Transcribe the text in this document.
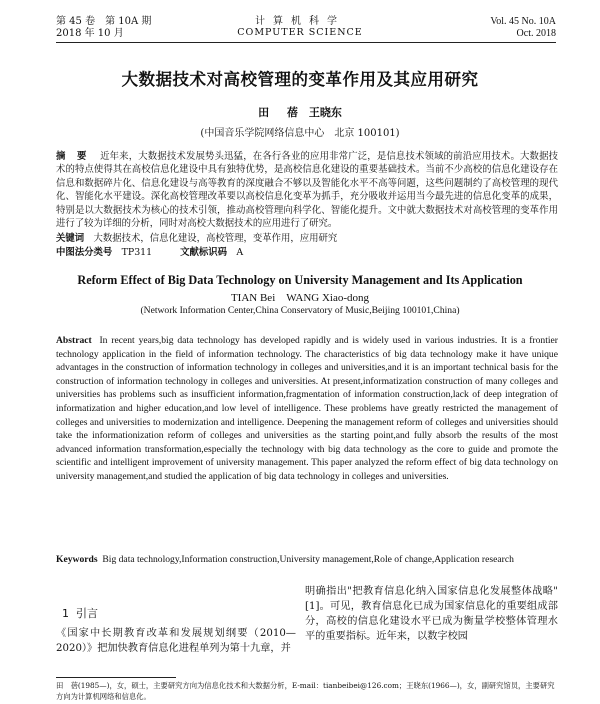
第 45 卷　第 10A 期
2018 年 10 月
计算机科学
COMPUTER SCIENCE
Vol. 45 No. 10A
Oct. 2018
大数据技术对高校管理的变革作用及其应用研究
田 蓓　王晓东
(中国音乐学院网络信息中心　北京 100101)
摘 要　 近年来，大数据技术发展势头迅猛，在各行各业的应用非常广泛，是信息技术领域的前沿应用技术。大数据技术的特点使得其在高校信息化建设中具有独特优势，是高校信息化建设的重要基础技术。当前不少高校的信息化建设存在信息和数据碎片化、信息化建设与高等教育的深度融合不够以及智能化水平不高等问题，这些问题制约了高校管理的现代化、智能化水平建设。深化高校管理改革要以高校信息化变革为抓手，充分吸收并运用当今最先进的信息化变革的成果，特别是以大数据技术为核心的技术引领，推动高校管理向科学化、智能化提升。文中就大数据技术对高校管理的变革作用进行了较为详细的分析，同时对高校大数据技术的应用进行了研究。
关键词　 大数据技术，信息化建设，高校管理，变革作用，应用研究
中图法分类号　 TP311	文献标识码　 A
Reform Effect of Big Data Technology on University Management and Its Application
TIAN Bei　WANG Xiao-dong
(Network Information Center,China Conservatory of Music,Beijing 100101,China)
Abstract In recent years,big data technology has developed rapidly and is widely used in various industries. It is a frontier technology application in the field of information technology. The characteristics of big data technology make it have unique advantages in the construction of information technology in colleges and universities,and it is an important technical basis for the construction of information technology in colleges and universities. At present,informatization construction of many colleges and universities has problems such as insufficient information,fragmentation of information construction,lack of deep integration of informatization and higher education,and low level of intelligence. These problems have greatly restricted the management of colleges and universities to modernization and intelligence. Deepening the management reform of colleges and universities should take the informationization reform of colleges and universities as the starting point,and fully absorb the results of the most advanced information transformation,especially the technology with big data technology as the core to guide and promote the scientific and intelligent improvement of university management. This paper analyzed the reform effect of big data technology on university management,and studied the application of big data technology in colleges and universities.
Keywords Big data technology,Information construction,University management,Role of change,Application research
1 引言
《国家中长期教育改革和发展规划纲要（2010—2020）》把加快教育信息化进程单列为第十九章，并
明确指出"把教育信息化纳入国家信息化发展整体战略"[1]。可见，教育信息化已成为国家信息化的重要组成部分，高校的信息化建设水平已成为衡量学校整体管理水平的重要指标。近年来，以数字校园
田　蓓(1985—)，女，硕士，主要研究方向为信息化技术和大数据分析，E-mail：tianbeibei@126.com；王晓东(1966—)，女，副研究馆员，主要研究方向为计算机网络和信息化。
